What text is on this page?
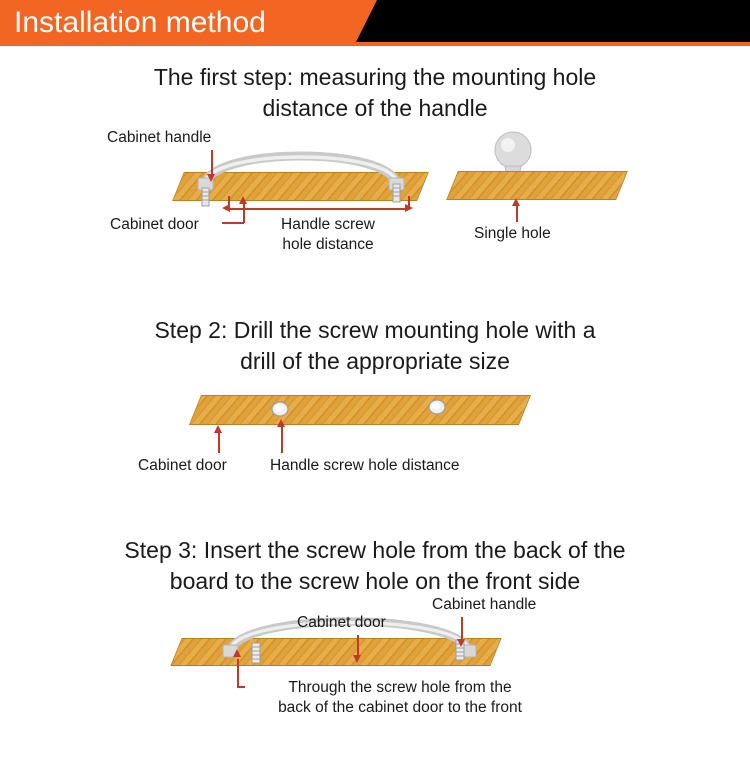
Installation method
The first step: measuring the mounting hole
distance of the handle
Cabinet handle
Cabinet door	Handle screw
hole distance
Single hole
Step 2: Drill the screw mounting hole with a
drill of the appropriate size
Cabinet door	Handle screw hole distance
Step 3: Insert the screw hole from the back of the
board to the screw hole on the front side
Cabinet door
Cabinet handle
Through the screw hole from the
back of the cabinet door to the front
